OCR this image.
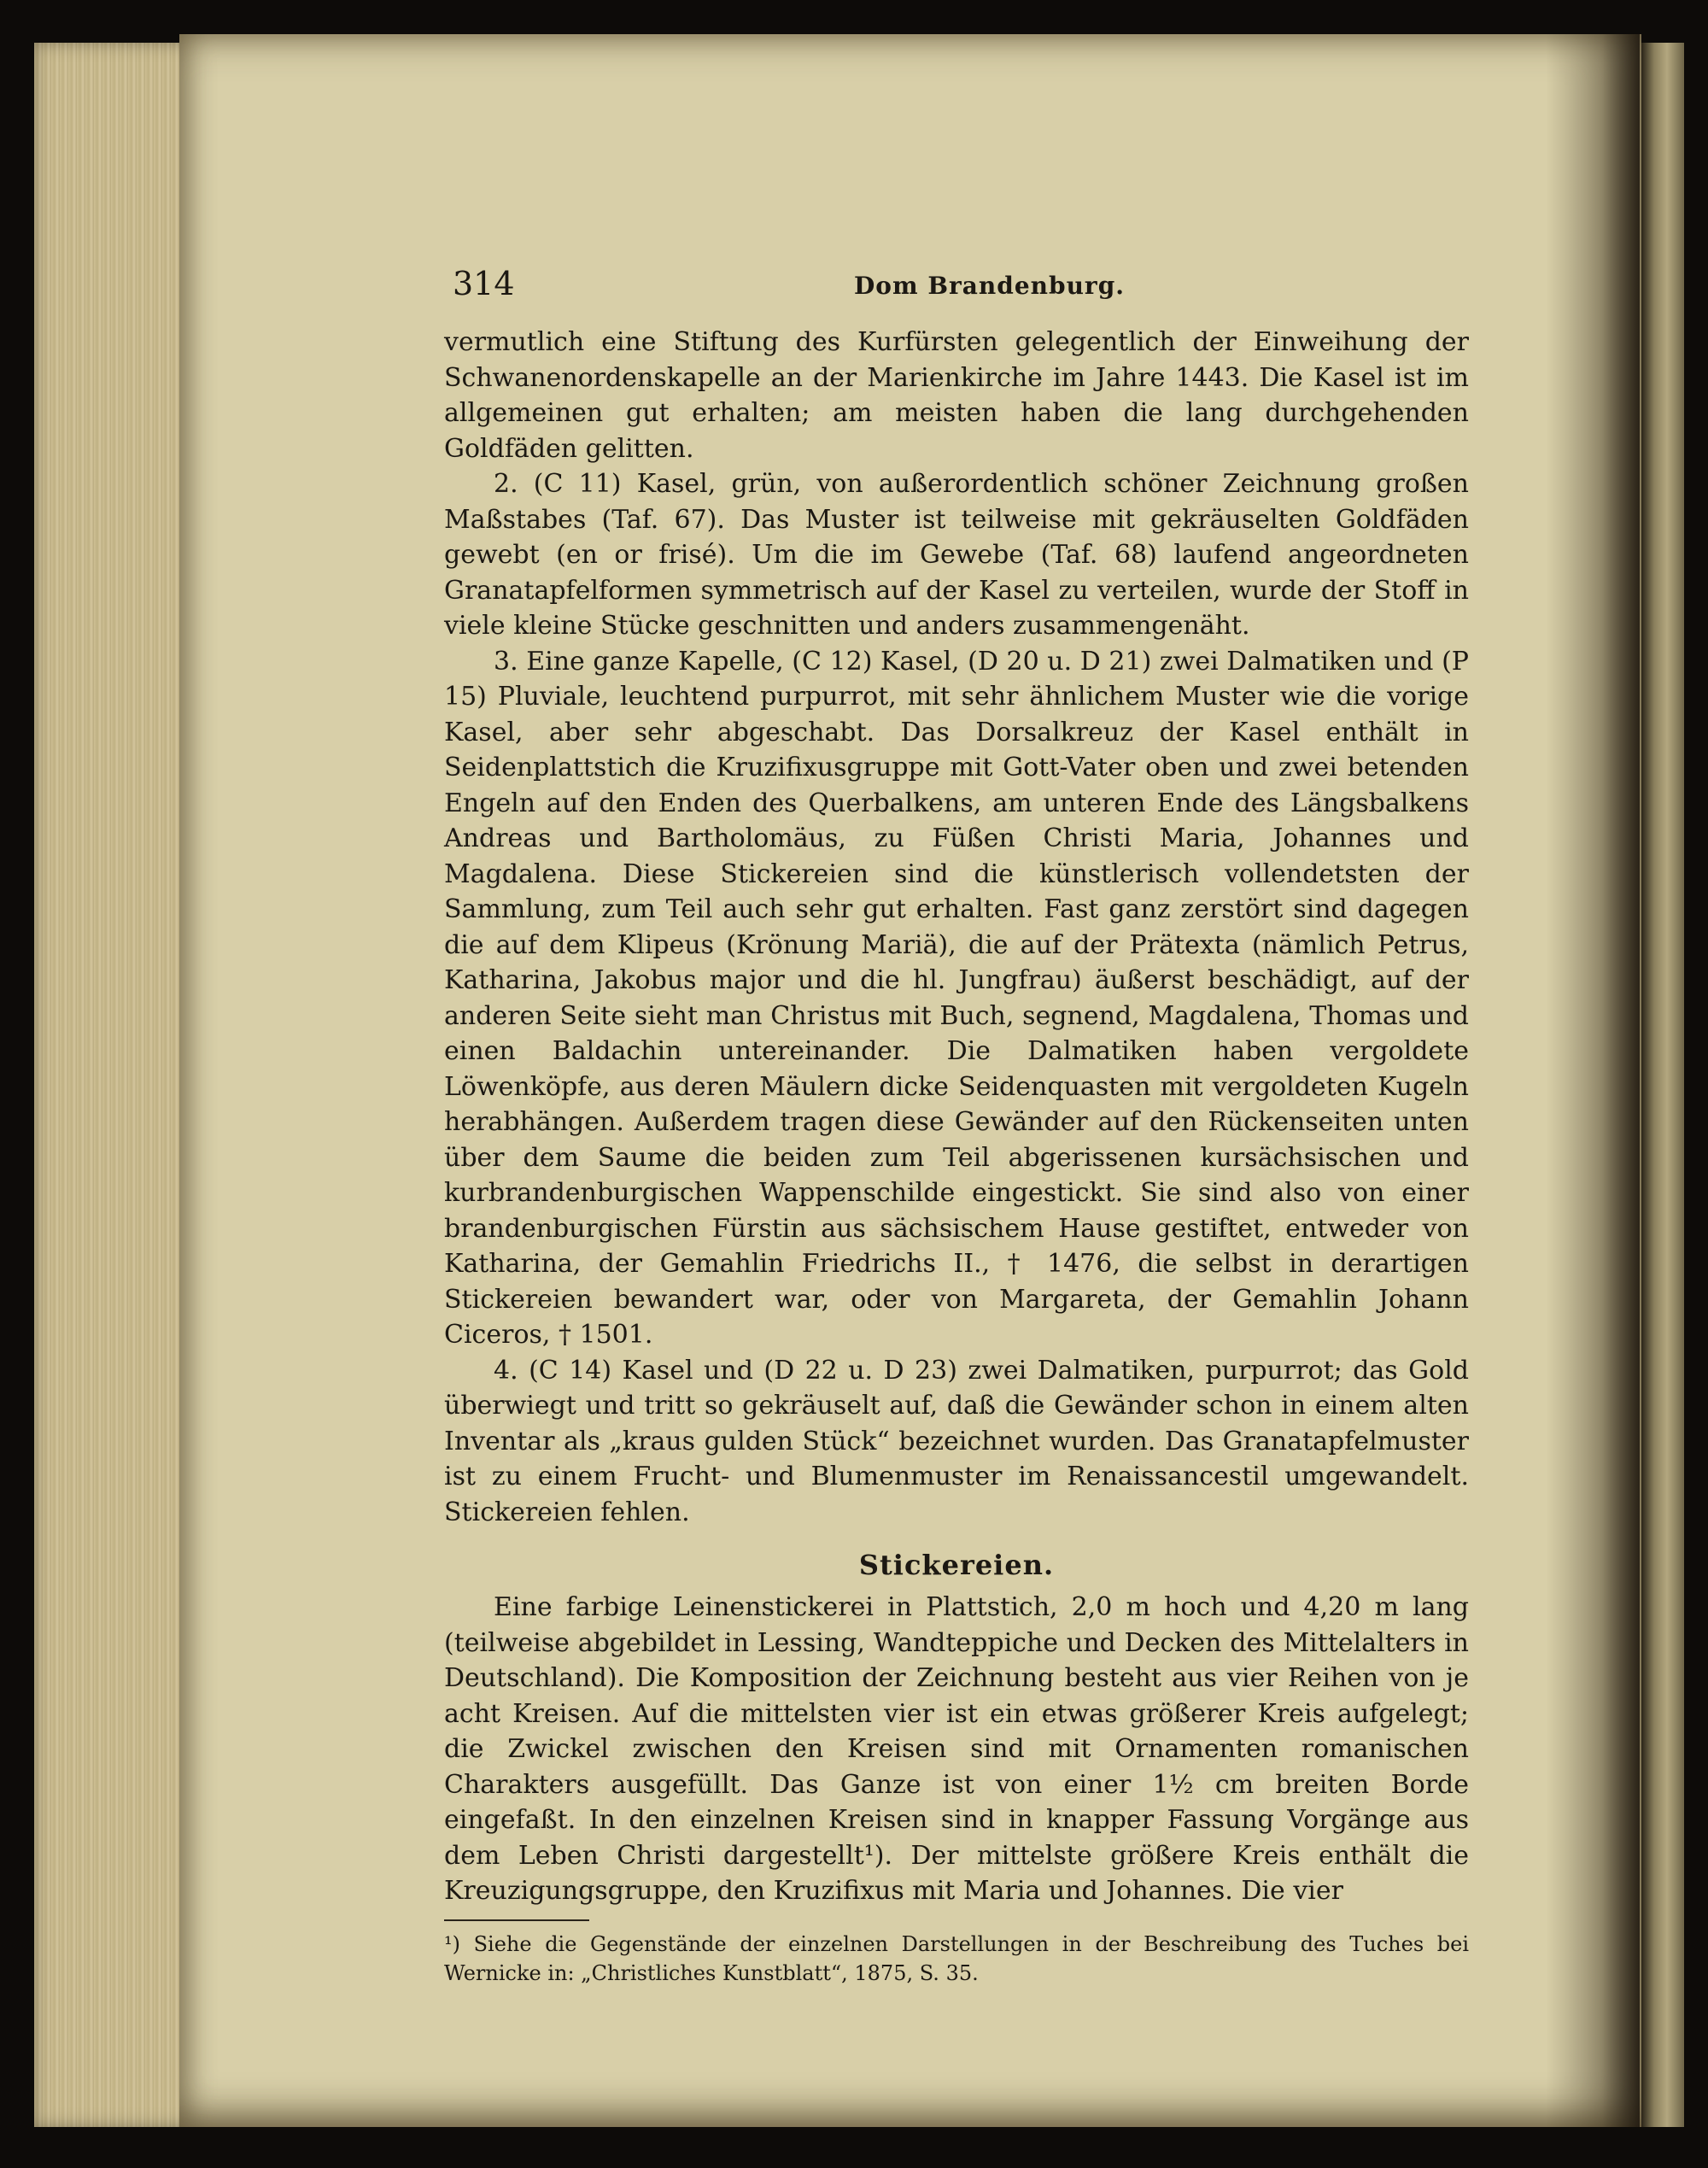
314	Dom Brandenburg.

vermutlich eine Stiftung des Kurfürsten gelegentlich der Einweihung der Schwanenordenskapelle an der Marienkirche im Jahre 1443. Die Kasel ist im allgemeinen gut erhalten; am meisten haben die lang durchgehenden Goldfäden gelitten.

2. (C 11) Kasel, grün, von außerordentlich schöner Zeichnung großen Maßstabes (Taf. 67). Das Muster ist teilweise mit gekräuselten Goldfäden gewebt (en or frisé). Um die im Gewebe (Taf. 68) laufend angeordneten Granatapfelformen symmetrisch auf der Kasel zu verteilen, wurde der Stoff in viele kleine Stücke geschnitten und anders zusammengenäht.

3. Eine ganze Kapelle, (C 12) Kasel, (D 20 u. D 21) zwei Dalmatiken und (P 15) Pluviale, leuchtend purpurrot, mit sehr ähnlichem Muster wie die vorige Kasel, aber sehr abgeschabt. Das Dorsalkreuz der Kasel enthält in Seidenplattstich die Kruzifixusgruppe mit Gott-Vater oben und zwei betenden Engeln auf den Enden des Querbalkens, am unteren Ende des Längsbalkens Andreas und Bartholomäus, zu Füßen Christi Maria, Johannes und Magdalena. Diese Stickereien sind die künstlerisch vollendetsten der Sammlung, zum Teil auch sehr gut erhalten. Fast ganz zerstört sind dagegen die auf dem Klipeus (Krönung Mariä), die auf der Prätexta (nämlich Petrus, Katharina, Jakobus major und die hl. Jungfrau) äußerst beschädigt, auf der anderen Seite sieht man Christus mit Buch, segnend, Magdalena, Thomas und einen Baldachin untereinander. Die Dalmatiken haben vergoldete Löwenköpfe, aus deren Mäulern dicke Seidenquasten mit vergoldeten Kugeln herabhängen. Außerdem tragen diese Gewänder auf den Rückenseiten unten über dem Saume die beiden zum Teil abgerissenen kursächsischen und kurbrandenburgischen Wappenschilde eingestickt. Sie sind also von einer brandenburgischen Fürstin aus sächsischem Hause gestiftet, entweder von Katharina, der Gemahlin Friedrichs II., † 1476, die selbst in derartigen Stickereien bewandert war, oder von Margareta, der Gemahlin Johann Ciceros, † 1501.

4. (C 14) Kasel und (D 22 u. D 23) zwei Dalmatiken, purpurrot; das Gold überwiegt und tritt so gekräuselt auf, daß die Gewänder schon in einem alten Inventar als „kraus gulden Stück“ bezeichnet wurden. Das Granatapfelmuster ist zu einem Frucht- und Blumenmuster im Renaissancestil umgewandelt. Stickereien fehlen.

Stickereien.

Eine farbige Leinenstickerei in Plattstich, 2,0 m hoch und 4,20 m lang (teilweise abgebildet in Lessing, Wandteppiche und Decken des Mittelalters in Deutschland). Die Komposition der Zeichnung besteht aus vier Reihen von je acht Kreisen. Auf die mittelsten vier ist ein etwas größerer Kreis aufgelegt; die Zwickel zwischen den Kreisen sind mit Ornamenten romanischen Charakters ausgefüllt. Das Ganze ist von einer 1½ cm breiten Borde eingefaßt. In den einzelnen Kreisen sind in knapper Fassung Vorgänge aus dem Leben Christi dargestellt¹). Der mittelste größere Kreis enthält die Kreuzigungsgruppe, den Kruzifixus mit Maria und Johannes. Die vier

¹) Siehe die Gegenstände der einzelnen Darstellungen in der Beschreibung des Tuches bei Wernicke in: „Christliches Kunstblatt“, 1875, S. 35.
